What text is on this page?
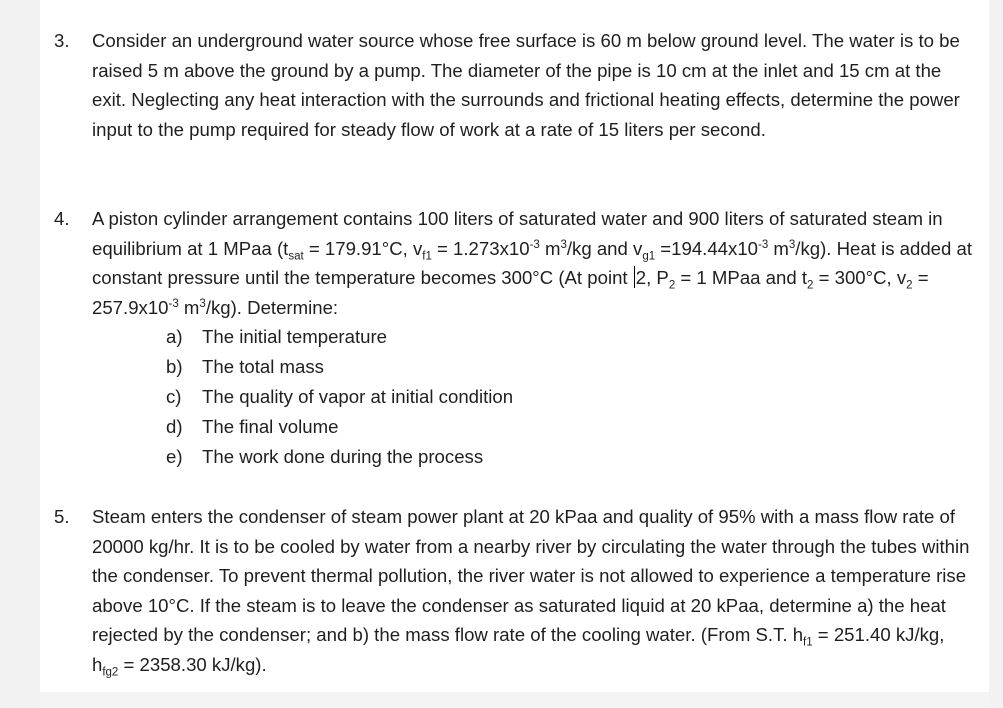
3. Consider an underground water source whose free surface is 60 m below ground level. The water is to be raised 5 m above the ground by a pump. The diameter of the pipe is 10 cm at the inlet and 15 cm at the exit. Neglecting any heat interaction with the surrounds and frictional heating effects, determine the power input to the pump required for steady flow of work at a rate of 15 liters per second.
4. A piston cylinder arrangement contains 100 liters of saturated water and 900 liters of saturated steam in equilibrium at 1 MPaa ($t_{sat} = 179.91^\circ C$, $v_{f1} = 1.273x10^{-3}$ $m^3/kg$ and $v_{g1} =194.44x10^{-3}$ $m^3/kg$). Heat is added at constant pressure until the temperature becomes 300°C (At point 2, $P_2 = 1$ MPaa and $t_2 = 300^\circ C$, $v_2 = 257.9x10^{-3}$ $m^3/kg$). Determine:
a) The initial temperature
b) The total mass
c) The quality of vapor at initial condition
d) The final volume
e) The work done during the process
5. Steam enters the condenser of steam power plant at 20 kPaa and quality of 95% with a mass flow rate of 20000 kg/hr. It is to be cooled by water from a nearby river by circulating the water through the tubes within the condenser. To prevent thermal pollution, the river water is not allowed to experience a temperature rise above 10°C. If the steam is to leave the condenser as saturated liquid at 20 kPaa, determine a) the heat rejected by the condenser; and b) the mass flow rate of the cooling water. (From S.T. $h_{f1} = 251.40$ kJ/kg, $h_{fg2} = 2358.30$ kJ/kg).
